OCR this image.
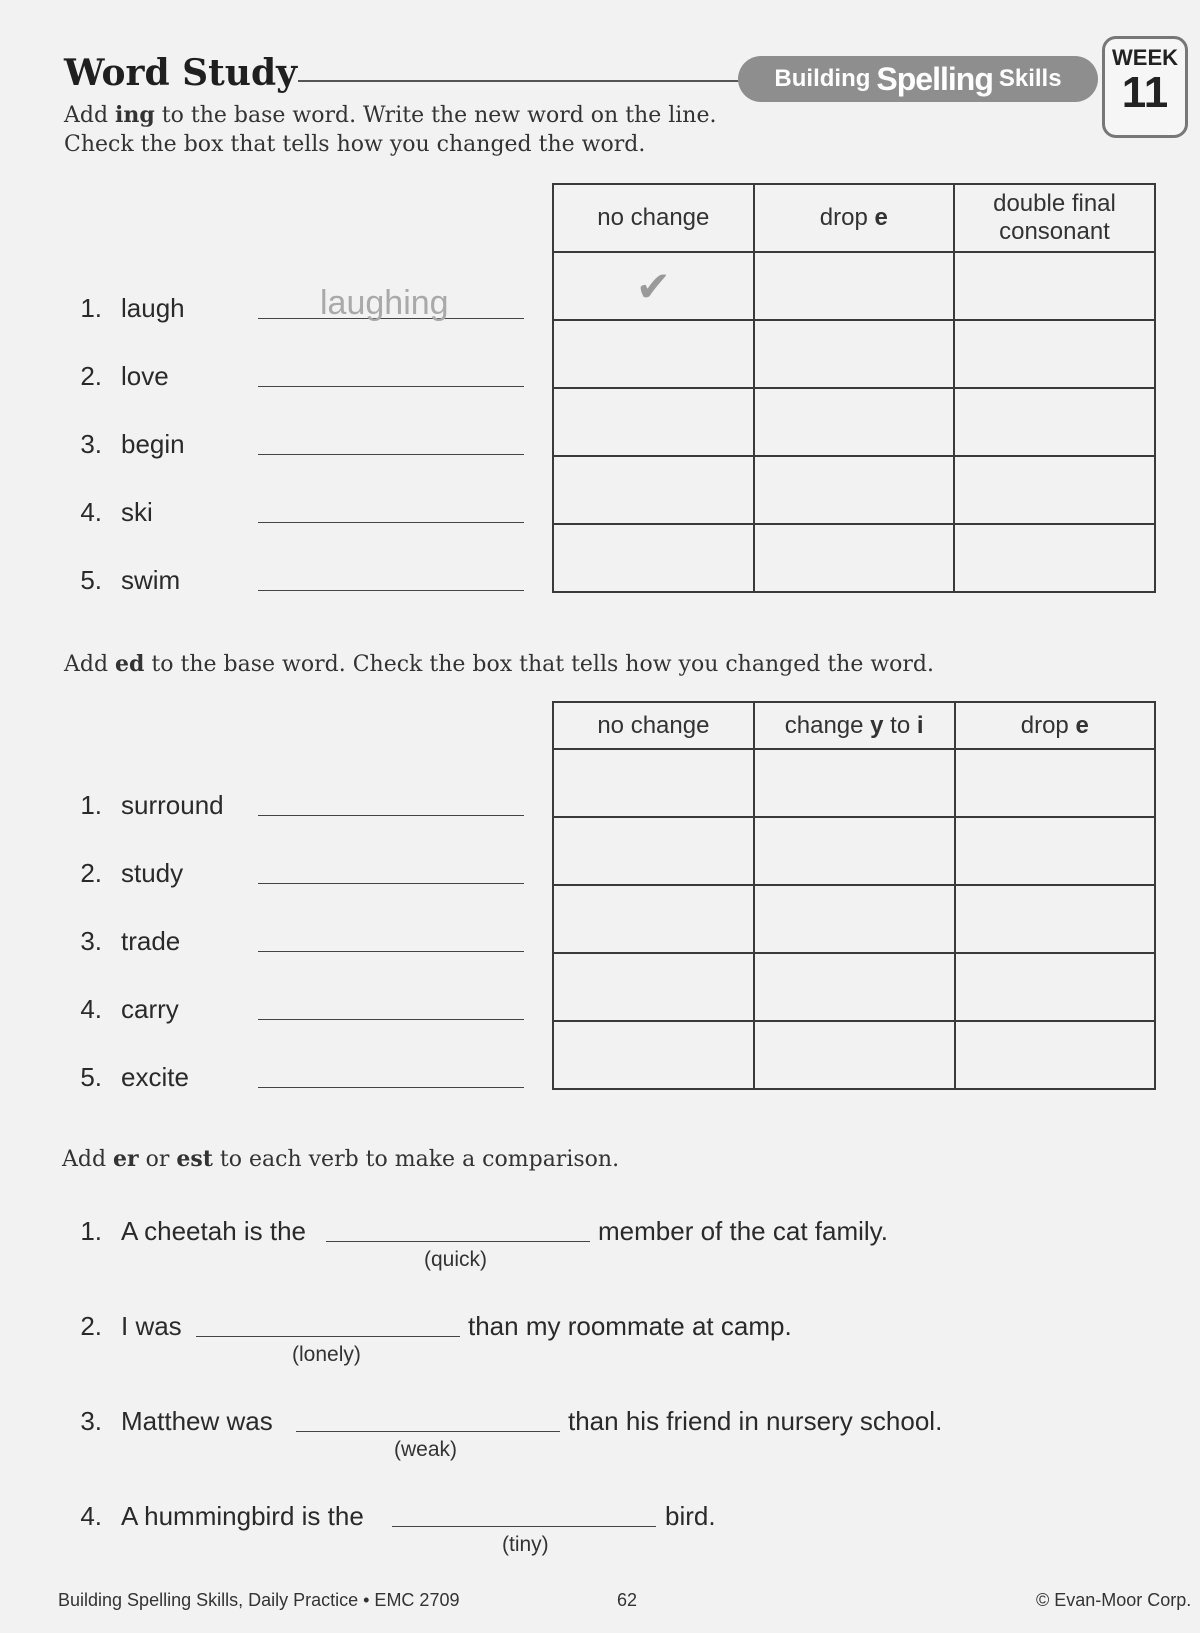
Word Study	Building Spelling Skills
WEEK
11
Add ing to the base word. Write the new word on the line.
Check the box that tells how you changed the word.
1. laugh	laughing
2. love
3. begin
4. ski
5. swim
no change	drop e	double final
consonant
✔		

Add ed to the base word. Check the box that tells how you changed the word.
1. surround
2. study
3. trade
4. carry
5. excite
no change	change y to i	drop e

Add er or est to each verb to make a comparison.
1. A cheetah is the	member of the cat family.
(quick)
2. I was	than my roommate at camp.
(lonely)
3. Matthew was	than his friend in nursery school.
(weak)
4. A hummingbird is the	bird.
(tiny)
Building Spelling Skills, Daily Practice • EMC 2709	62	© Evan-Moor Corp.
